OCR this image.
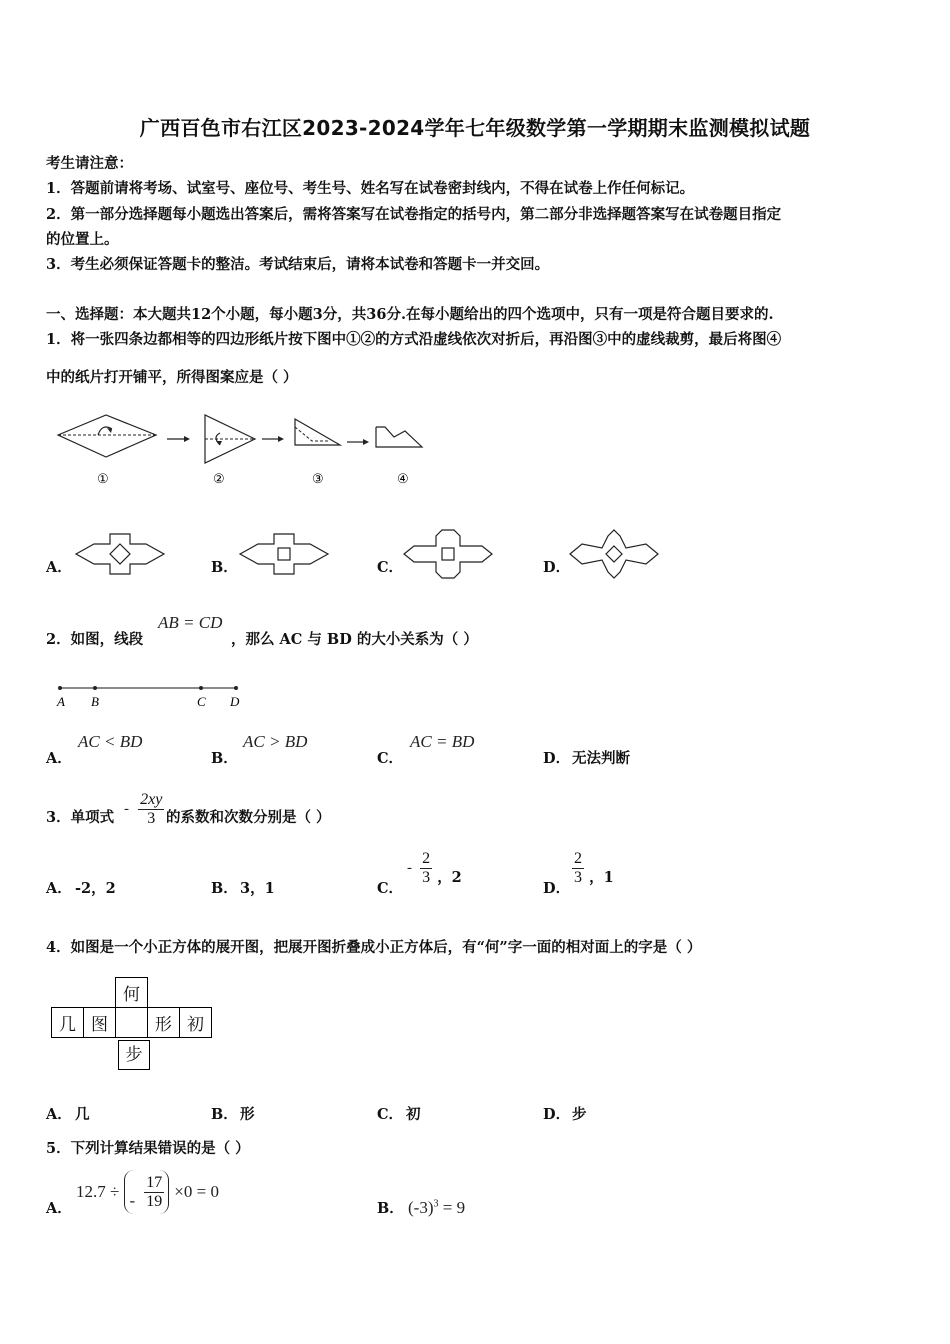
广西百色市右江区2023-2024学年七年级数学第一学期期末监测模拟试题
考生请注意：
1．答题前请将考场、试室号、座位号、考生号、姓名写在试卷密封线内，不得在试卷上作任何标记。
2．第一部分选择题每小题选出答案后，需将答案写在试卷指定的括号内，第二部分非选择题答案写在试卷题目指定
的位置上。
3．考生必须保证答题卡的整洁。考试结束后，请将本试卷和答题卡一并交回。
一、选择题：本大题共12个小题，每小题3分，共36分.在每小题给出的四个选项中，只有一项是符合题目要求的.
1．将一张四条边都相等的四边形纸片按下图中①②的方式沿虚线依次对折后，再沿图③中的虚线裁剪，最后将图④
中的纸片打开铺平，所得图案应是（ ）
①	②	③	④
A．	B．	C．	D．
2．如图，线段
AB = CD
，那么 AC 与 BD 的大小关系为（ ）
A B	C D
A．
AC < BD
B．
AC > BD
C．
AC = BD
D． 无法判断
3．单项式 - $\frac{2xy}{3}$ 的系数和次数分别是（ ）
A． -2，2	B． 3，1	C．
- $\frac{2}{3}$ ，2
D．
$\frac{2}{3}$ ，1
4．如图是一个小正方体的展开图，把展开图折叠成小正方体后，有“何”字一面的相对面上的字是（ ）
		何		
几	图		形	初

步
A． 几	B． 形	C． 初	D． 步
5．下列计算结果错误的是（ ）
A．
12.7 ÷ - $\frac{17}{19} \times 0 = 0$
B． $(-3)^3 = 9$
